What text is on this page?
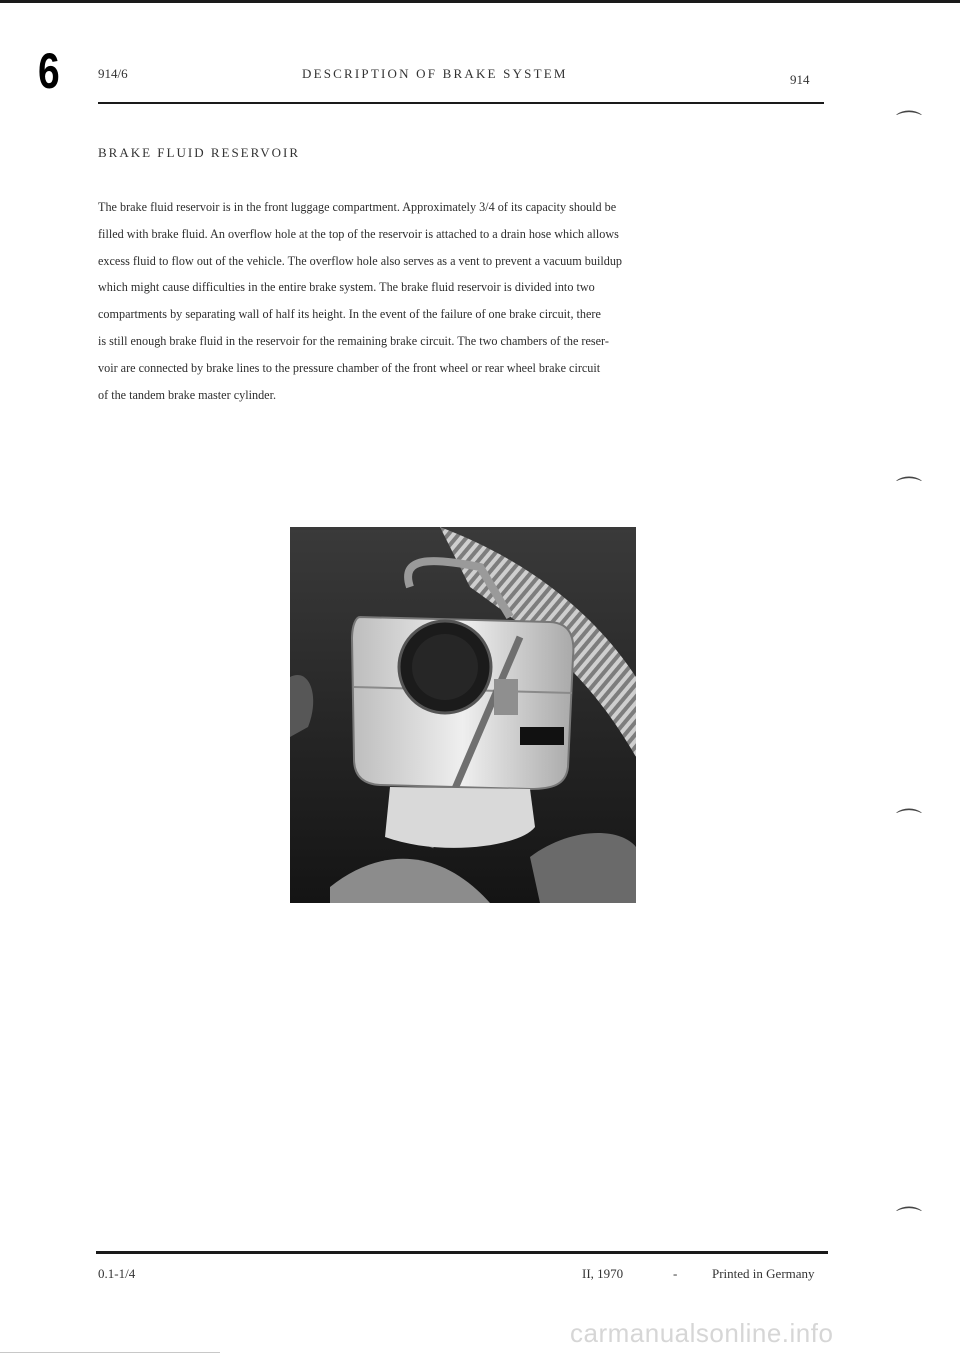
6	914/6	DESCRIPTION OF BRAKE SYSTEM	914
BRAKE FLUID RESERVOIR
The brake fluid reservoir is in the front luggage compartment. Approximately 3/4 of its capacity should be
filled with brake fluid. An overflow hole at the top of the reservoir is attached to a drain hose which allows
excess fluid to flow out of the vehicle. The overflow hole also serves as a vent to prevent a vacuum buildup
which might cause difficulties in the entire brake system. The brake fluid reservoir is divided into two
compartments by separating wall of half its height. In the event of the failure of one brake circuit, there
is still enough brake fluid in the reservoir for the remaining brake circuit. The two chambers of the reser-
voir are connected by brake lines to the pressure chamber of the front wheel or rear wheel brake circuit
of the tandem brake master cylinder.
⌒
⌒
⌒
⌒
0.1-1/4	II, 1970	-	Printed in Germany
carmanualsonline.info
